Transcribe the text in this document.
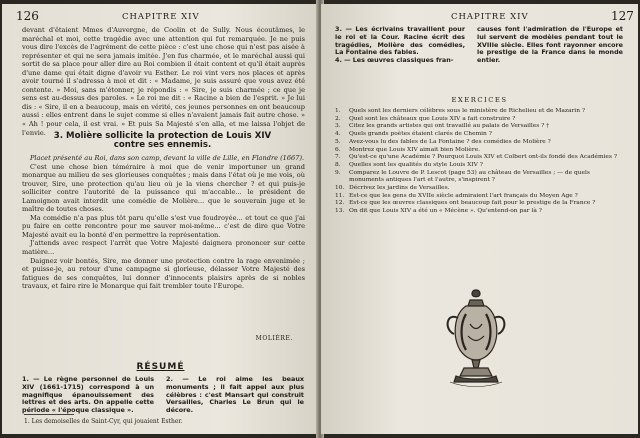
126	CHAPITRE XIV

devant d'êtaient Mmes d'Auvergne, de Coolin et de Sully. Nous écoutâmes, le maréchal et moi, cette tragédie avec une attention qui fut remarquée. Je ne puis vous dire l'excès de l'agrément de cette pièce : c'est une chose qui n'est pas aisée à représenter et qui ne sera jamais imitée. J'en fus charmée, et le maréchal aussi qui sortit de sa place pour aller dire au Roi combien il était content et qu'il était auprès d'une dame qui était digne d'avoir vu Esther. Le roi vint vers nos places et après avoir tourné il s'adressa à moi et dit : « Madame, je suis assuré que vous avez été contente. » Moi, sans m'étonner, je répondis : « Sire, je suis charmée ; ce que je sens est au-dessus des paroles. » Le roi me dit : « Racine a bien de l'esprit. » Je lui dis : « Sire, il en a beaucoup, mais en vérité, ces jeunes personnes en ont beaucoup aussi : elles entrent dans le sujet comme si elles n'avaient jamais fait autre chose. » « Ah ! pour cela, il est vrai. » Et puis Sa Majesté s'en alla, et me laissa l'objet de l'envie. 3. Molière sollicite la protection de Louis XIV
contre ses ennemis.

Placet présenté au Roi, dans son camp, devant la ville de Lille, en Flandre (1667).

C'est une chose bien téméraire à moi que de venir importuner un grand monarque au milieu de ses glorieuses conquêtes ; mais dans l'état où je me vois, où trouver, Sire, une protection qu'au lieu où je la viens chercher ? et qui puis-je solliciter contre l'autorité de la puissance qui m'accable... le président de Lamoignon avait interdit une comédie de Molière... que le souverain juge et le maître de toutes choses.

Ma comédie n'a pas plus tôt paru qu'elle s'est vue foudroyée... et tout ce que j'ai pu faire en cette rencontre pour me sauver moi-même... c'est de dire que Votre Majesté avait eu la bonté d'en permettre la représentation.

J'attends avec respect l'arrêt que Votre Majesté daignera prononcer sur cette matière...

Daignez voir bontés, Sire, me donner une protection contre la rage envenimée ; et puisse-je, au retour d'une campagne si glorieuse, délasser Votre Majesté des fatigues de ses conquêtes, lui donner d'innocents plaisirs après de si nobles travaux, et faire rire le Monarque qui fait trembler toute l'Europe.

MOLIÈRE.
RÉSUMÉ
1. — Le règne personnel de Louis XIV (1661-1715) correspond à un magnifique épanouissement des lettres et des arts. On appelle cette période « l'époque classique ».
2. — Le roi aime les beaux monuments ; il fait appel aux plus célèbres : c'est Mansart qui construit Versailles, Charles Le Brun qui le décore.
1. Les demoiselles de Saint-Cyr, qui jouaient Esther.
CHAPITRE XIV	127
3. — Les écrivains travaillent pour le roi et la Cour. Racine écrit des tragédies, Molière des comédies, La Fontaine des fables.
4. — Les œuvres classiques fran-
causes font l'admiration de l'Europe et lui servent de modèles pendant tout le XVIIIe siècle. Elles font rayonner encore le prestige de la France dans le monde entier.
EXERCICES
1. Quels sont les derniers célèbres sous le ministère de Richelieu et de Mazarin ?
2. Quel sont les châteaux que Louis XIV a fait construire ?
3. Citez les grands artistes qui ont travaillé au palais de Versailles ? †
4. Quels grands poètes étaient clarés de Chemin ?
5. Avez-vous lu des fables de La Fontaine ? des comédies de Molière ?
6. Montrez que Louis XIV aimait bien Molière.
7. Qu'est-ce qu'une Académie ? Pourquoi Louis XIV et Colbert ont-ils fondé des Académies ?
8. Quelles sont les qualités du style Louis XIV ?
9. Comparez le Louvre de P. Lescot (page 53) au château de Versailles ; — de quels monuments antiques l'art et l'autre, s'inspirent ?
10. Décrivez les jardins de Versailles.
11. Est-ce que les gens du XVIIe siècle admiraient l'art français du Moyen Age ?
12. Est-ce que les œuvres classiques ont beaucoup fait pour le prestige de la France ?
13. On dit que Louis XIV a été un « Mécène ». Qu'entend-on par là ?
